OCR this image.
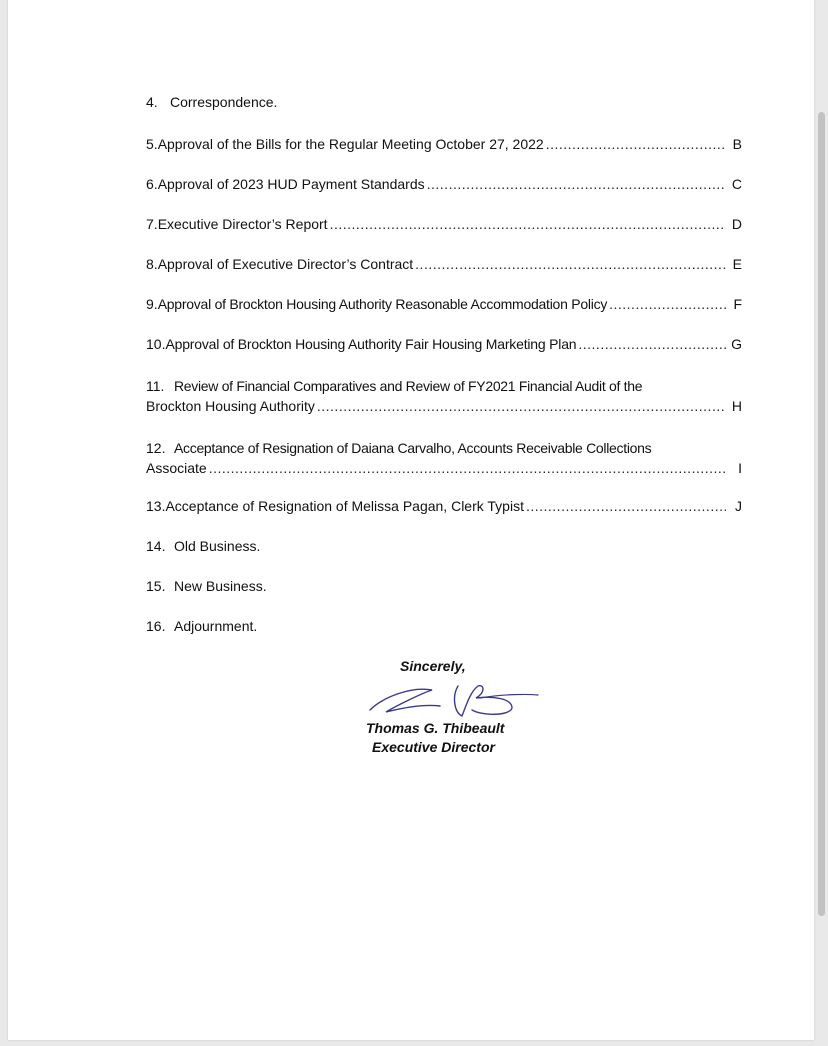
4. Correspondence.
5. Approval of the Bills for the Regular Meeting October 27, 2022 .....	B
6. Approval of 2023 HUD Payment Standards .....	C
7. Executive Director’s Report .....	D
8. Approval of Executive Director’s Contract .....	E
9. Approval of Brockton Housing Authority Reasonable Accommodation Policy .....	F
10. Approval of Brockton Housing Authority Fair Housing Marketing Plan .....	G
11. Review of Financial Comparatives and Review of FY2021 Financial Audit of the
Brockton Housing Authority .....	H
12. Acceptance of Resignation of Daiana Carvalho, Accounts Receivable Collections
Associate .....	I
13. Acceptance of Resignation of Melissa Pagan, Clerk Typist .....	J
14. Old Business.
15. New Business.
16. Adjournment.
Sincerely,
Thomas G. Thibeault
Executive Director
